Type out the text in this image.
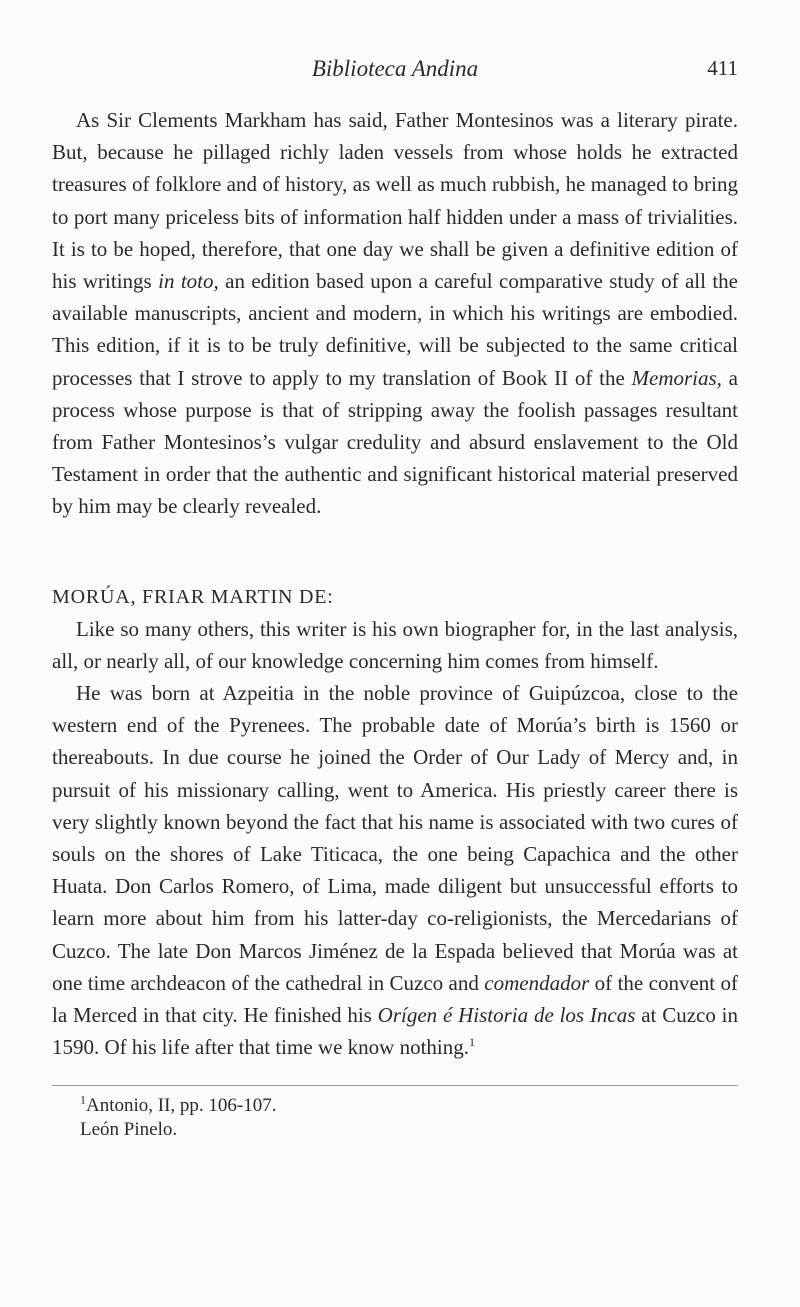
Biblioteca Andina	411

As Sir Clements Markham has said, Father Montesinos was a literary pirate. But, because he pillaged richly laden vessels from whose holds he extracted treasures of folklore and of history, as well as much rubbish, he managed to bring to port many priceless bits of information half hidden under a mass of trivialities. It is to be hoped, therefore, that one day we shall be given a definitive edition of his writings in toto, an edition based upon a careful comparative study of all the available manuscripts, ancient and modern, in which his writings are embodied. This edition, if it is to be truly definitive, will be subjected to the same critical processes that I strove to apply to my translation of Book II of the Memorias, a process whose purpose is that of stripping away the foolish passages resultant from Father Montesinos’s vulgar credulity and absurd enslavement to the Old Testament in order that the authentic and significant historical material preserved by him may be clearly revealed.

MORÚA, FRIAR MARTIN DE:

Like so many others, this writer is his own biographer for, in the last analysis, all, or nearly all, of our knowledge concerning him comes from himself.

He was born at Azpeitia in the noble province of Guipúzcoa, close to the western end of the Pyrenees. The probable date of Morúa’s birth is 1560 or thereabouts. In due course he joined the Order of Our Lady of Mercy and, in pursuit of his missionary calling, went to America. His priestly career there is very slightly known beyond the fact that his name is associated with two cures of souls on the shores of Lake Titicaca, the one being Capachica and the other Huata. Don Carlos Romero, of Lima, made diligent but unsuccessful efforts to learn more about him from his latter-day co-religionists, the Mercedarians of Cuzco. The late Don Marcos Jiménez de la Espada believed that Morúa was at one time archdeacon of the cathedral in Cuzco and comendador of the convent of la Merced in that city. He finished his Orígen é Historia de los Incas at Cuzco in 1590. Of his life after that time we know nothing.$^1$

$^1$Antonio, II, pp. 106-107.
León Pinelo.
